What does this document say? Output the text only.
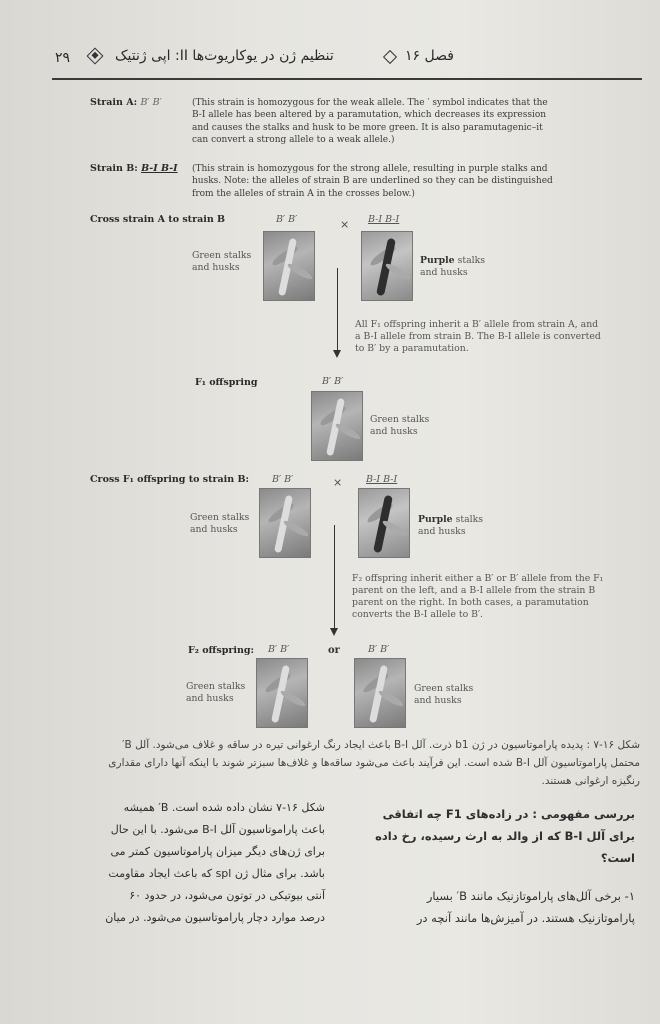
۲۹	تنظیم ژن در یوکاریوت‌ها II: اپی ژنتیک	فصل ۱۶
Strain A: B′ B′	(This strain is homozygous for the weak allele. The ′ symbol indicates that the
B-I allele has been altered by a paramutation, which decreases its expression
and causes the stalks and husk to be more green. It is also paramutagenic–it
can convert a strong allele to a weak allele.)
Strain B: B-I B-I (This strain is homozygous for the strong allele, resulting in purple stalks and
husks. Note: the alleles of strain B are underlined so they can be distinguished
from the alleles of strain A in the crosses below.)
Cross strain A to strain B	B′ B′	× B-I B-I
Green stalks
and husks
Purple stalks
and husks
All F₁ offspring inherit a B′ allele from strain A, and
a B-I allele from strain B. The B-I allele is converted
to B′ by a paramutation.
F₁ offspring	B′ B′
Green stalks
and husks
Cross F₁ offspring to strain B: B′ B′	×	B-I B-I
Green stalks
and husks
Purple stalks
and husks
F₂ offspring inherit either a B′ or B′ allele from the F₁
parent on the left, and a B-I allele from the strain B
parent on the right. In both cases, a paramutation
converts the B-I allele to B′.
F₂ offspring: B′ B′	or	B′ B′
Green stalks
and husks
Green stalks
and husks
شکل ۱۶-۷ : پدیده پاراموتاسیون در ژن b1 ذرت. آلل B-I باعث ایجاد رنگ ارغوانی تیره در ساقه و غلاف می‌شود. آلل B′
محتمل پاراموتاسیون آلل B-I شده است. این فرآیند باعث می‌شود ساقه‌ها و غلاف‌ها سبزتر شوند با اینکه آنها دارای مقداری
رنگیزه ارغوانی هستند.
شکل ۱۶-۷ نشان داده شده است. B′ همیشه
باعث پاراموتاسیون آلل B-I می‌شود. با این حال
برای ژن‌های دیگر میزان پاراموتاسیون کمتر می‌
باشد. برای مثال ژن spl که باعث ایجاد مقاومت
آنتی بیوتیکی در توتون می‌شود، در حدود ۶۰
درصد موارد دچار پاراموتاسیون می‌شود. در میان
بررسی مفهومی : در زاده‌های F1 چه اتفاقی
برای آلل B-I که از والد به ارث رسیده، رخ داده
است؟
۱- برخی آلل‌های پاراموتازنیک مانند B′ بسیار
پاراموتازنیک هستند. در آمیزش‌ها مانند آنچه در
